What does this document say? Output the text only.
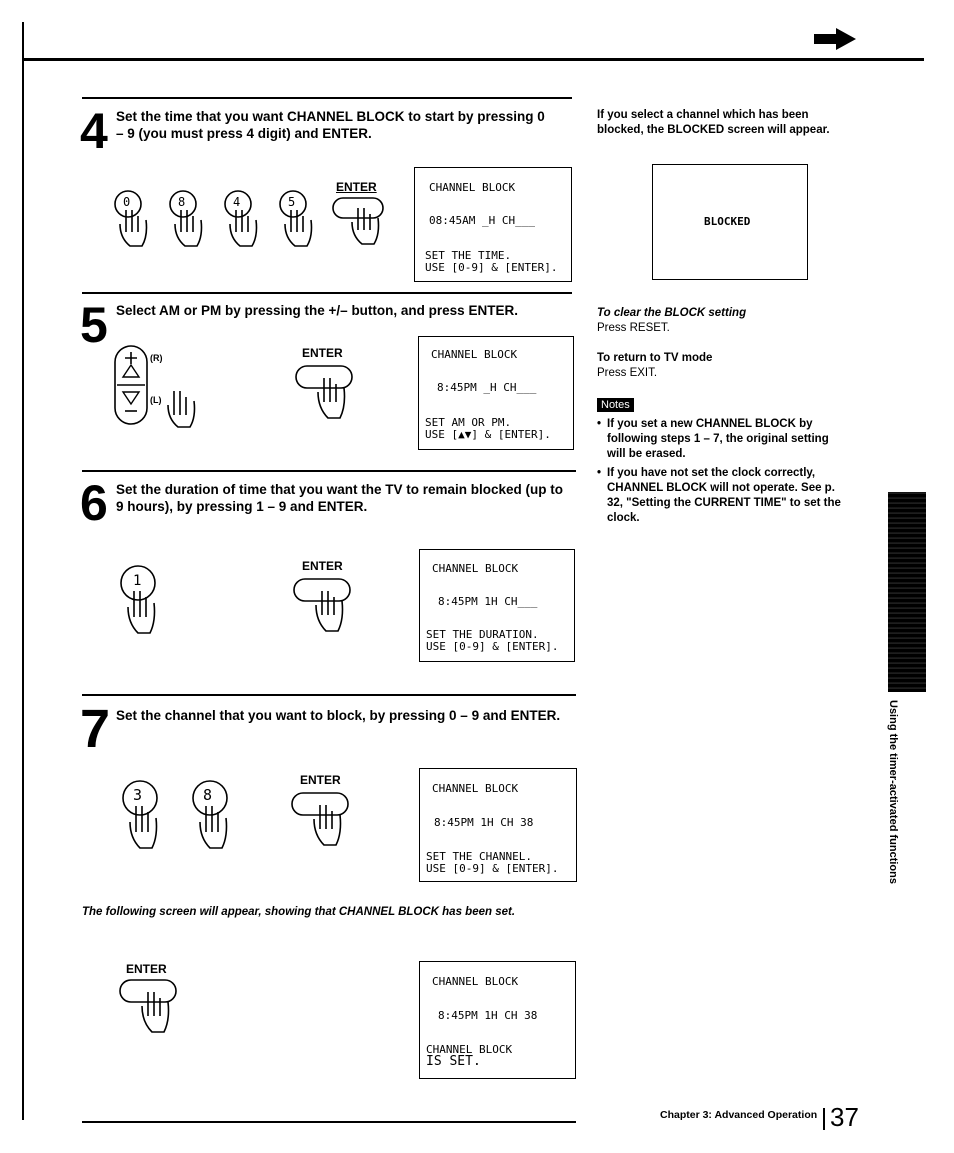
4 Set the time that you want CHANNEL BLOCK to start by pressing 0 – 9 (you must press 4 digit) and ENTER.
0	8	4	5
ENTER	CHANNEL BLOCK
08:45AM _H CH___
SET THE TIME.
USE [0-9] & [ENTER].
5 Select AM or PM by pressing the +/– button, and press ENTER.
(R)
(L)
ENTER	CHANNEL BLOCK
8:45PM _H CH___
SET AM OR PM.
USE [▲▼] & [ENTER].
6 Set the duration of time that you want the TV to remain blocked (up to 9 hours), by pressing 1 – 9 and ENTER.
1
ENTER	CHANNEL BLOCK
8:45PM 1H CH___
SET THE DURATION.
USE [0-9] & [ENTER].
7 Set the channel that you want to block, by pressing 0 – 9 and ENTER.
3	8
ENTER
CHANNEL BLOCK
8:45PM 1H CH 38
SET THE CHANNEL.
USE [0-9] & [ENTER].
The following screen will appear, showing that CHANNEL BLOCK has been set.
ENTER
CHANNEL BLOCK
8:45PM 1H CH 38
CHANNEL BLOCK
IS SET.
If you select a channel which has been blocked, the BLOCKED screen will appear.
BLOCKED
To clear the BLOCK setting
Press RESET.
To return to TV mode
Press EXIT.
Notes
• If you set a new CHANNEL BLOCK by following steps 1 – 7, the original setting will be erased.
• If you have not set the clock correctly, CHANNEL BLOCK will not operate. See p. 32, "Setting the CURRENT TIME" to set the clock.
Using the timer-activated functions
Chapter 3: Advanced Operation 37
